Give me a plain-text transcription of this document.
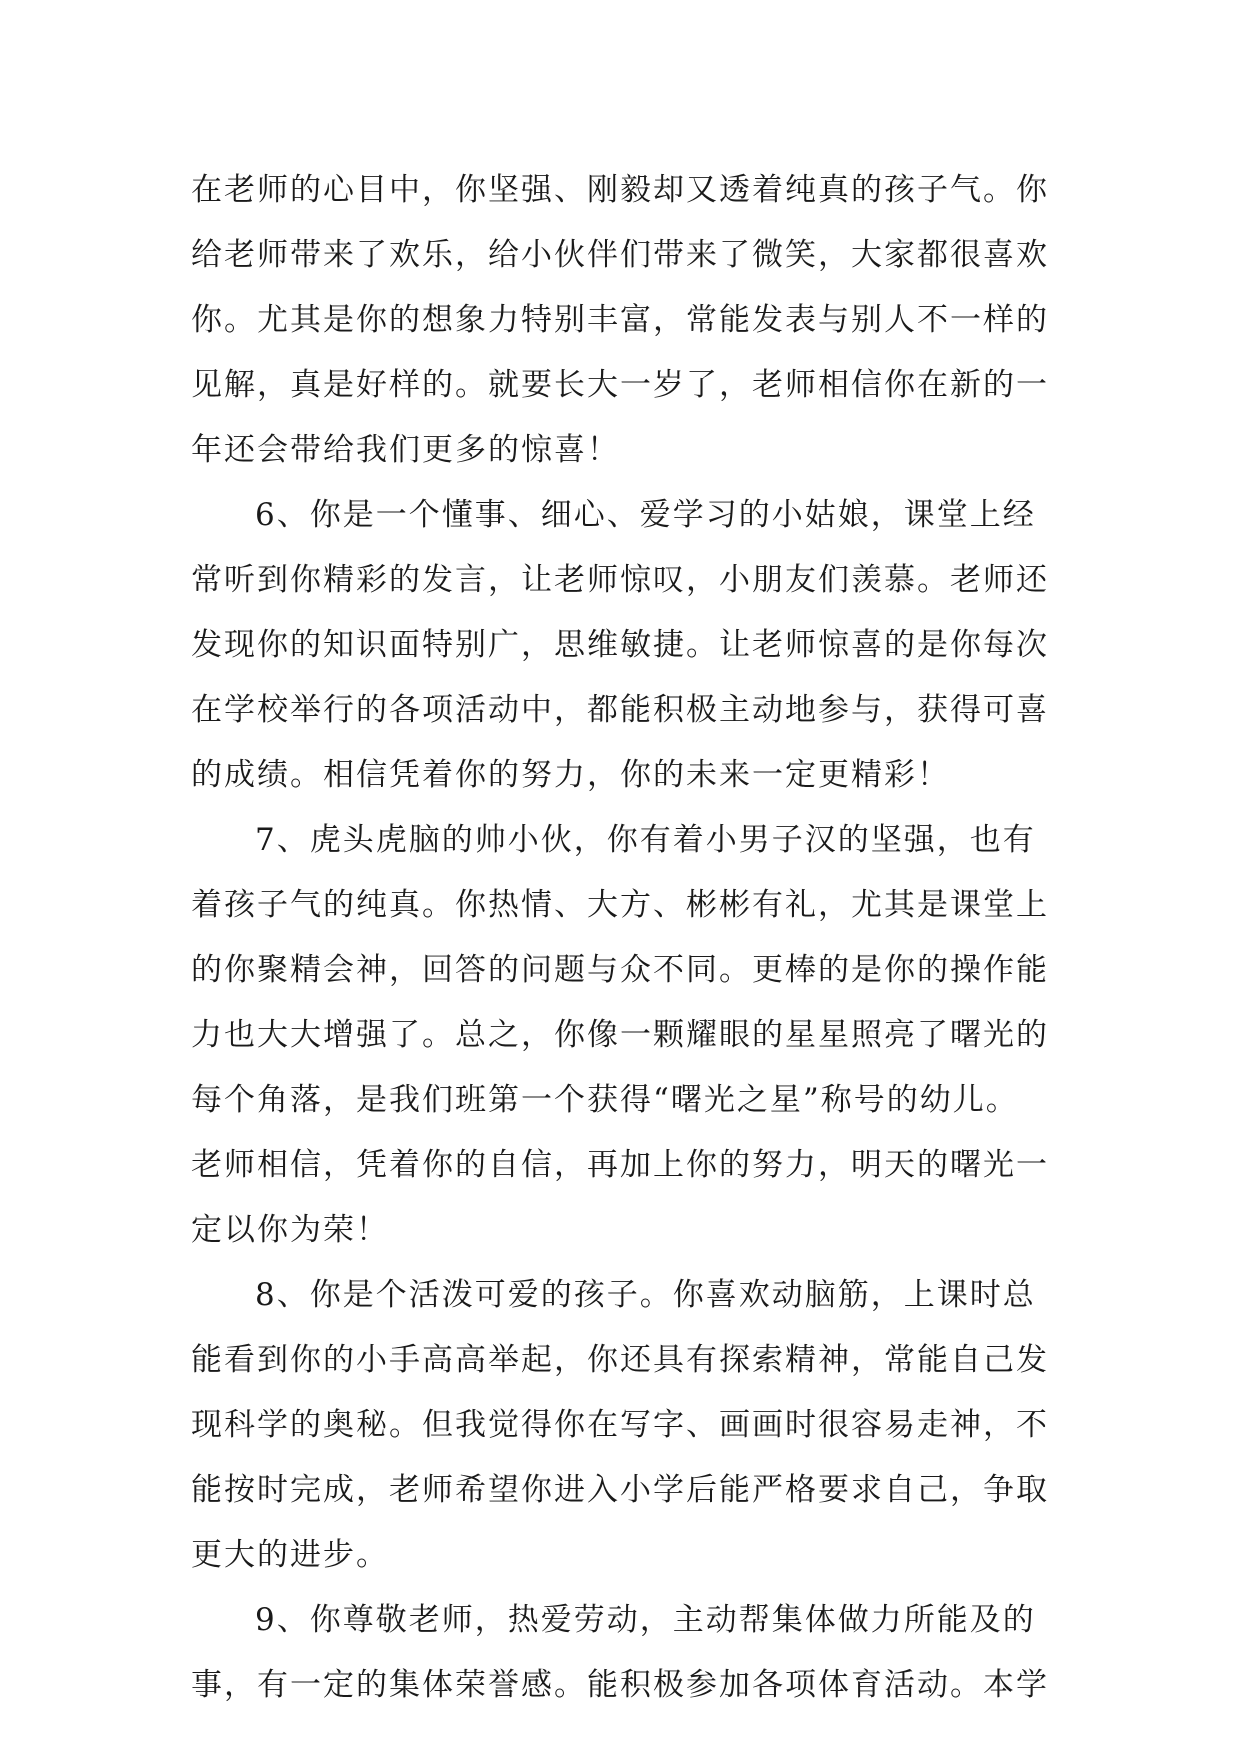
在老师的心目中，你坚强、刚毅却又透着纯真的孩子气。你
给老师带来了欢乐，给小伙伴们带来了微笑，大家都很喜欢
你。尤其是你的想象力特别丰富，常能发表与别人不一样的
见解，真是好样的。就要长大一岁了，老师相信你在新的一
年还会带给我们更多的惊喜！
6、你是一个懂事、细心、爱学习的小姑娘，课堂上经
常听到你精彩的发言，让老师惊叹，小朋友们羡慕。老师还
发现你的知识面特别广，思维敏捷。让老师惊喜的是你每次
在学校举行的各项活动中，都能积极主动地参与，获得可喜
的成绩。相信凭着你的努力，你的未来一定更精彩！
7、虎头虎脑的帅小伙，你有着小男子汉的坚强，也有
着孩子气的纯真。你热情、大方、彬彬有礼，尤其是课堂上
的你聚精会神，回答的问题与众不同。更棒的是你的操作能
力也大大增强了。总之，你像一颗耀眼的星星照亮了曙光的
每个角落，是我们班第一个获得“曙光之星”称号的幼儿。
老师相信，凭着你的自信，再加上你的努力，明天的曙光一
定以你为荣！
8、你是个活泼可爱的孩子。你喜欢动脑筋，上课时总
能看到你的小手高高举起，你还具有探索精神，常能自己发
现科学的奥秘。但我觉得你在写字、画画时很容易走神，不
能按时完成，老师希望你进入小学后能严格要求自己，争取
更大的进步。
9、你尊敬老师，热爱劳动，主动帮集体做力所能及的
事，有一定的集体荣誉感。能积极参加各项体育活动。本学
